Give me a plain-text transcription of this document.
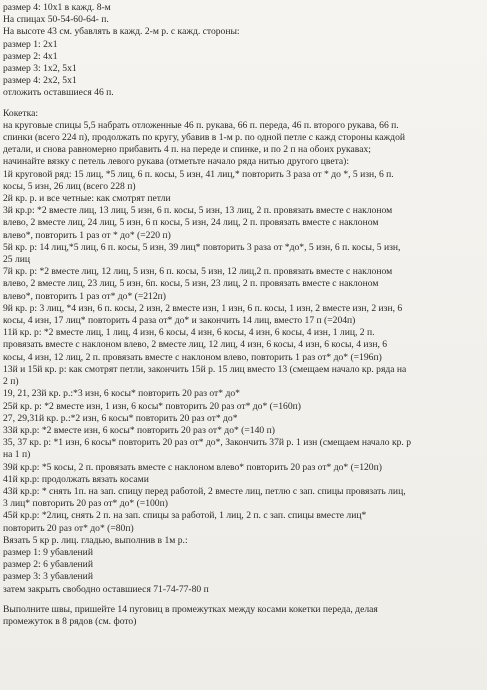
размер 4: 10х1 в кажд. 8-м
На спицах 50-54-60-64- п.
На высоте 43 см. убавлять в кажд. 2-м р. с кажд. стороны:
размер 1: 2х1
размер 2: 4х1
размер 3: 1х2, 5х1
размер 4: 2х2, 5х1
отложить оставшиеся 46 п.
Кокетка:
на круговые спицы 5,5 набрать отложенные 46 п. рукава, 66 п. переда, 46 п. второго рукава, 66 п.
спинки (всего 224 п), продолжать по кругу, убавив в 1-м р. по одной петле с кажд стороны каждой
детали, и снова равномерно прибавить 4 п. на переде и спинке, и по 2 п на обоих рукавах;
начинайте вязку с петель левого рукава (отметьте начало ряда нитью другого цвета):
1й круговой ряд: 15 лиц, *5 лиц, 6 п. косы, 5 изн, 41 лиц,* повторить 3 раза от * до *, 5 изн, 6 п.
косы, 5 изн, 26 лиц (всего 228 п)
2й кр. р. и все четные: как смотрят петли
3й кр.р: *2 вместе лиц, 13 лиц, 5 изн, 6 п. косы, 5 изн, 13 лиц, 2 п. провязать вместе с наклоном
влево, 2 вместе лиц, 24 лиц, 5 изн, 6 п косы, 5 изн, 24 лиц, 2 п. провязать вместе с наклоном
влево*, повторить 1 раз от * до* (=220 п)
5й кр. р: 14 лиц,*5 лиц, 6 п. косы, 5 изн, 39 лиц* повторить 3 раза от *до*, 5 изн, 6 п. косы, 5 изн,
25 лиц
7й кр. р: *2 вместе лиц, 12 лиц, 5 изн, 6 п. косы, 5 изн, 12 лиц,2 п. провязать вместе с наклоном
влево, 2 вместе лиц, 23 лиц, 5 изн, 6п. косы, 5 изн, 23 лиц, 2 п. провязать вместе с наклоном
влево*, повторить 1 раз от* до* (=212п)
9й кр. р: 3 лиц, *4 изн, 6 п. косы, 2 изн, 2 вместе изн, 1 изн, 6 п. косы, 1 изн, 2 вместе изн, 2 изн, 6
косы, 4 изн, 17 лиц* повторить 4 раза от* до* и закончить 14 лиц, вместо 17 п (=204п)
11й кр. р: *2 вместе лиц, 1 лиц, 4 изн, 6 косы, 4 изн, 6 косы, 4 изн, 6 косы, 4 изн, 1 лиц, 2 п.
провязать вместе с наклоном влево, 2 вместе лиц, 12 лиц, 4 изн, 6 косы, 4 изн, 6 косы, 4 изн, 6
косы, 4 изн, 12 лиц, 2 п. провязать вместе с наклоном влево, повторить 1 раз от* до* (=196п)
13й и 15й кр. р: как смотрят петли, закончить 15й р. 15 лиц вместо 13 (смещаем начало кр. ряда на
2 п)
19, 21, 23й кр. р.:*3 изн, 6 косы* повторить 20 раз от* до*
25й кр. р: *2 вместе изн, 1 изн, 6 косы* повторить 20 раз от* до* (=160п)
27, 29,31й кр. р.:*2 изн, 6 косы* повторить 20 раз от* до*
33й кр.р: *2 вместе изн, 6 косы* повторить 20 раз от* до* (=140 п)
35, 37 кр. р: *1 изн, 6 косы* повторить 20 раз от* до*, Закончить 37й р. 1 изн (смещаем начало кр. р
на 1 п)
39й кр.р: *5 косы, 2 п. провязать вместе с наклоном влево* повторить 20 раз от* до* (=120п)
41й кр.р: продолжать вязать косами
43й кр.р: * снять 1п. на зап. спицу перед работой, 2 вместе лиц, петлю с зап. спицы провязать лиц,
3 лиц* повторить 20 раз от* до* (=100п)
45й кр.р: *2лиц, снять 2 п. на зап. спицы за работой, 1 лиц, 2 п. с зап. спицы вместе лиц*
повторить 20 раз от* до* (=80п)
Вязать 5 кр р. лиц. гладью, выполнив в 1м р.:
размер 1: 9 убавлений
размер 2: 6 убавлений
размер 3: 3 убавлений
затем закрыть свободно оставшиеся 71-74-77-80 п
Выполните швы, пришейте 14 пуговиц в промежутках между косами кокетки переда, делая
промежуток в 8 рядов (см. фото)
